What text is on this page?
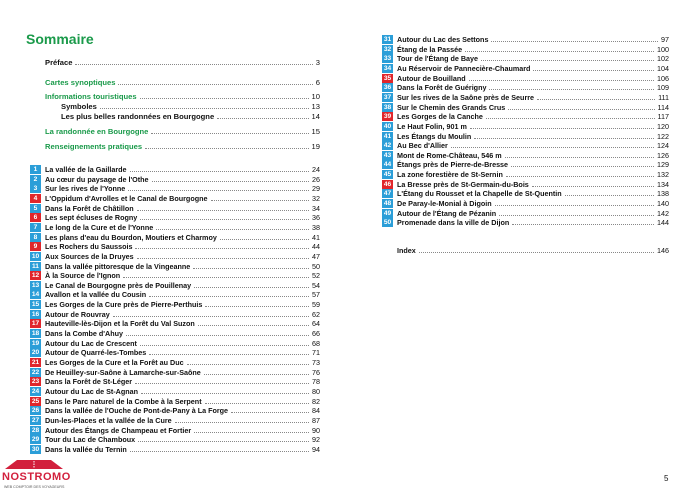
Sommaire
Préface	3
Cartes synoptiques	6
Informations touristiques	10
Symboles	13
Les plus belles randonnées en Bourgogne	14
La randonnée en Bourgogne	15
Renseignements pratiques	19
1	La vallée de la Gaillarde	24
2	Au cœur du paysage de l'Othe	26
3	Sur les rives de l'Yonne	29
4	L'Oppidum d'Avrolles et le Canal de Bourgogne	32
5	Dans la Forêt de Châtillon	34
6	Les sept écluses de Rogny	36
7	Le long de la Cure et de l'Yonne	38
8	Les plans d'eau du Bourdon, Moutiers et Charmoy	41
9	Les Rochers du Saussois	44
10 Aux Sources de la Druyes	47
11 Dans la vallée pittoresque de la Vingeanne	50
12 À la Source de l'Ignon	52
13 Le Canal de Bourgogne près de Pouillenay	54
14 Avallon et la vallée du Cousin	57
15 Les Gorges de la Cure près de Pierre-Perthuis	59
16 Autour de Rouvray	62
17 Hauteville-lès-Dijon et la Forêt du Val Suzon	64
18 Dans la Combe d'Ahuy	66
19 Autour du Lac de Crescent	68
20 Autour de Quarré-les-Tombes	71
21 Les Gorges de la Cure et la Forêt au Duc	73
22 De Heuilley-sur-Saône à Lamarche-sur-Saône	76
23 Dans la Forêt de St-Léger	78
24 Autour du Lac de St-Agnan	80
25 Dans le Parc naturel de la Combe à la Serpent	82
26 Dans la vallée de l'Ouche de Pont-de-Pany à La Forge	84
27 Dun-les-Places et la vallée de la Cure	87
28 Autour des Étangs de Champeau et Fortier	90
29 Tour du Lac de Chamboux	92
30 Dans la vallée du Ternin	94
31 Autour du Lac des Settons	97
32 Étang de la Passée	100
33 Tour de l'Étang de Baye	102
34 Au Réservoir de Pannecière-Chaumard	104
35 Autour de Bouilland	106
36 Dans la Forêt de Guérigny	109
37 Sur les rives de la Saône près de Seurre	111
38 Sur le Chemin des Grands Crus	114
39 Les Gorges de la Canche	117
40 Le Haut Folin, 901 m	120
41 Les Étangs du Moulin	122
42 Au Bec d'Allier	124
43 Mont de Rome-Château, 546 m	126
44 Étangs près de Pierre-de-Bresse	129
45 La zone forestière de St-Sernin	132
46 La Bresse près de St-Germain-du-Bois	134
47 L'Étang du Rousset et la Chapelle de St-Quentin	138
48 De Paray-le-Monial à Digoin	140
49 Autour de l'Étang de Pézanin	142
50 Promenade dans la ville de Dijon	144
Index	146
5
NOSTROMO
WEB COMPTOIR DES VOYAGEURS
